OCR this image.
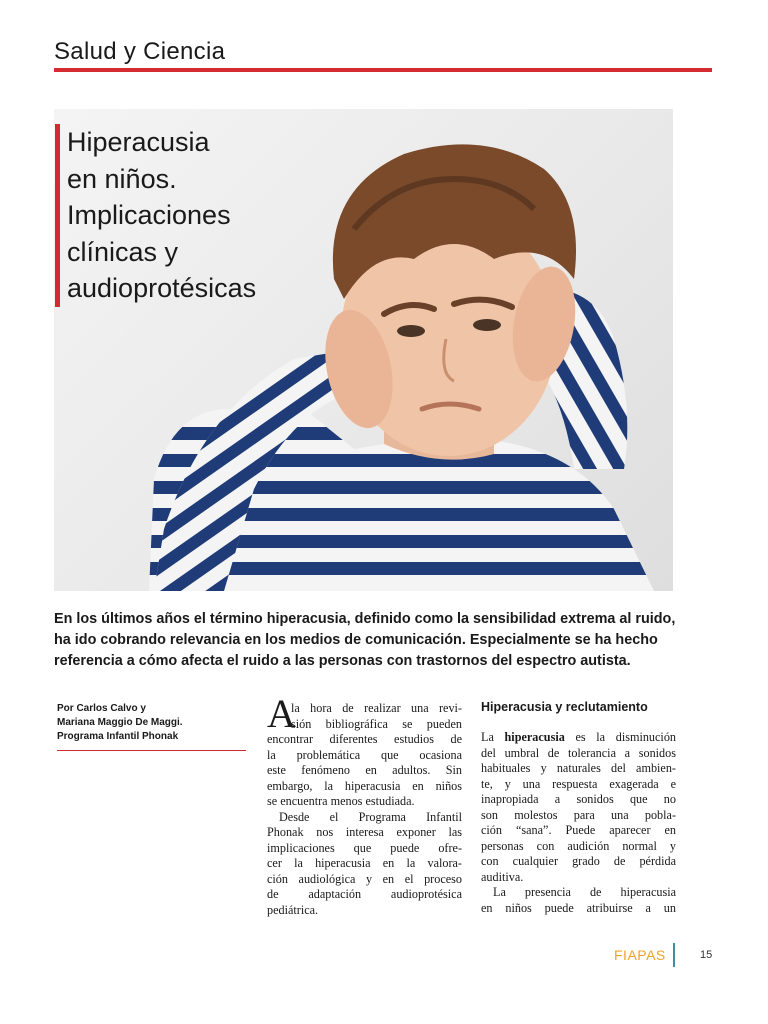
Salud y Ciencia
Hiperacusia
en niños.
Implicaciones
clínicas y
audioprotésicas
En los últimos años el término hiperacusia, definido como la sensibilidad extrema al ruido,
ha ido cobrando relevancia en los medios de comunicación. Especialmente se ha hecho
referencia a cómo afecta el ruido a las personas con trastornos del espectro autista.
Por Carlos Calvo y
Mariana Maggio De Maggi.
Programa Infantil Phonak
A
la hora de realizar una revi-
sión bibliográfica se pueden
encontrar diferentes estudios de
la problemática que ocasiona
este fenómeno en adultos. Sin
embargo, la hiperacusia en niños
se encuentra menos estudiada.
Desde el Programa Infantil
Phonak nos interesa exponer las
implicaciones que puede ofre-
cer la hiperacusia en la valora-
ción audiológica y en el proceso
de adaptación audioprotésica
pediátrica.
Hiperacusia y reclutamiento
La hiperacusia es la disminución
del umbral de tolerancia a sonidos
habituales y naturales del ambien-
te, y una respuesta exagerada e
inapropiada a sonidos que no
son molestos para una pobla-
ción “sana”. Puede aparecer en
personas con audición normal y
con cualquier grado de pérdida
auditiva.
La presencia de hiperacusia
en niños puede atribuirse a un
FIAPAS	15
